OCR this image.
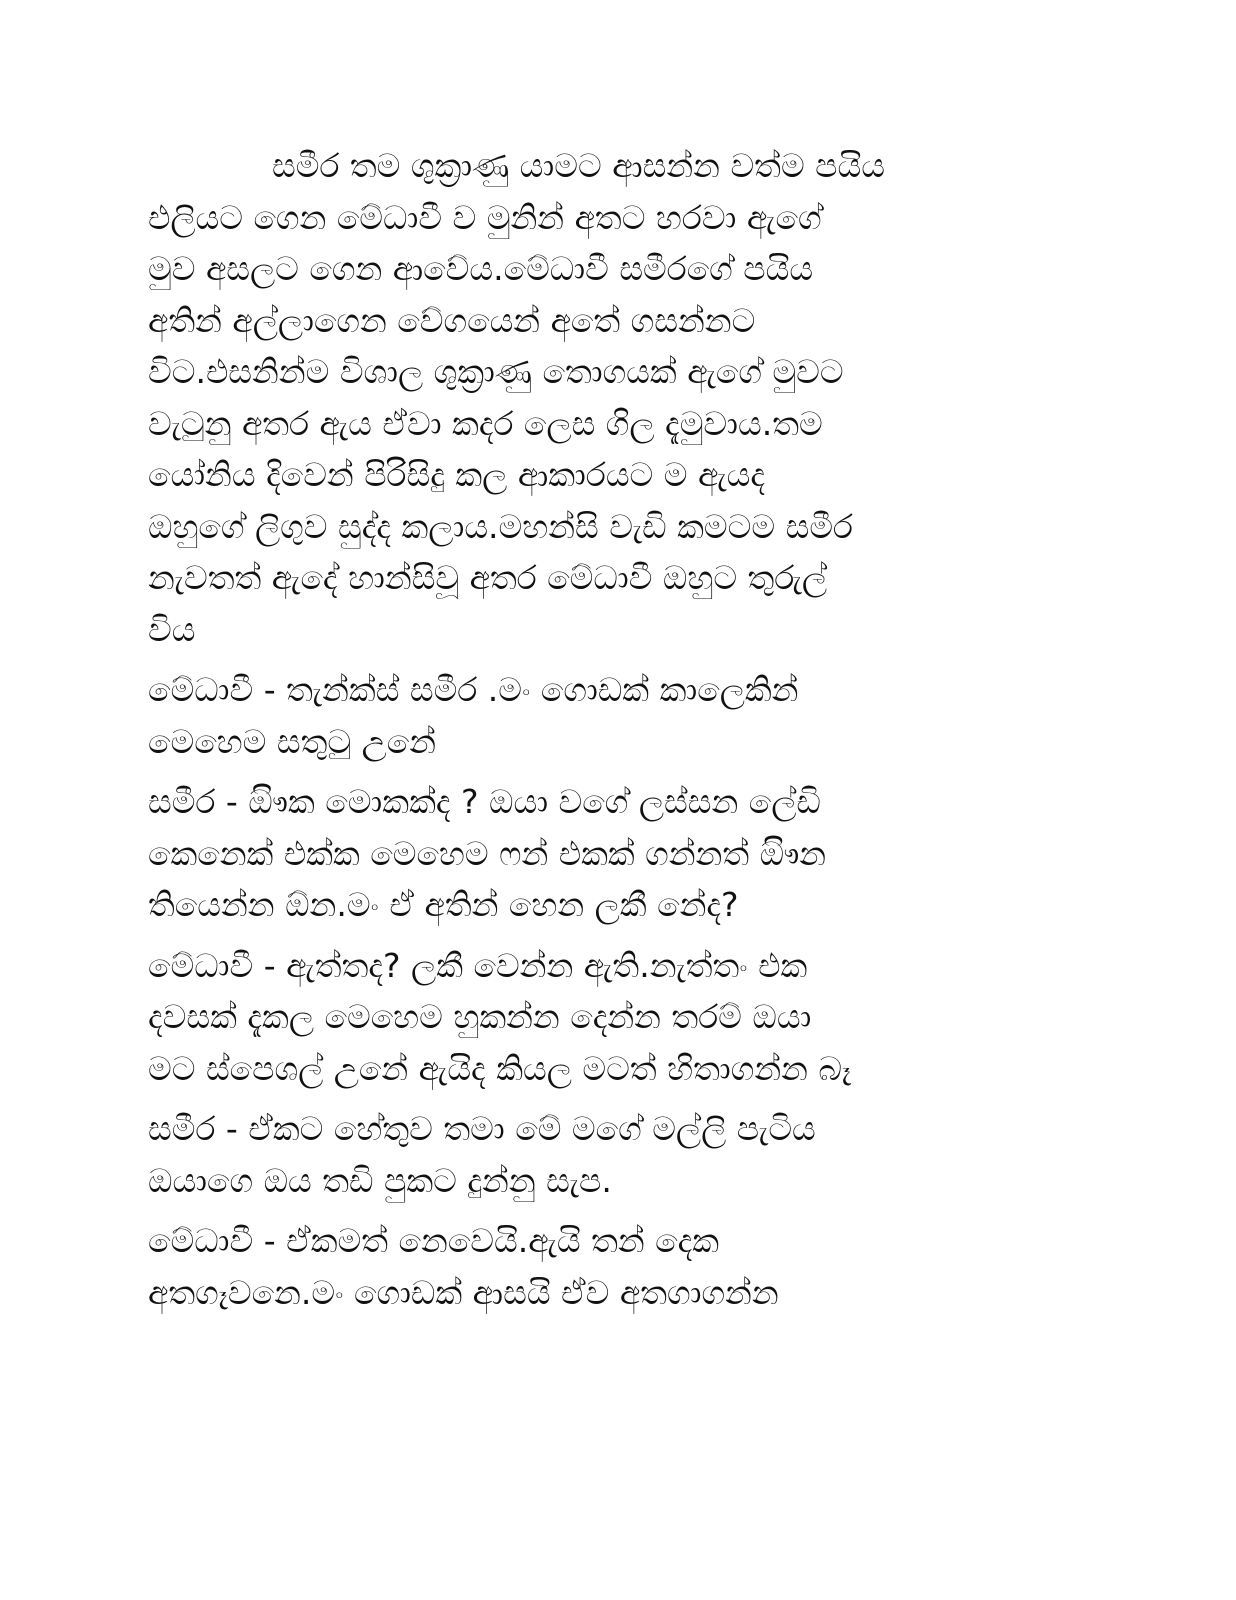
සමීර තම ශුක්‍රාණු යාමට ආසන්න වත්ම පයිය
එලියට ගෙන මේධාවී ව මුනින් අතට හරවා ඇගේ
මුව අසලට ගෙන ආවේය.මේධාවී සමීරගේ පයිය
අතින් අල්ලාගෙන වේගයෙන් අතේ ගසන්නට
විට.එසනින්ම විශාල ශුක්‍රාණු තොගයක් ඇගේ මුවට
වැටුනු අතර ඇය ඒවා කදර ලෙස ගිල දැමුවාය.තම
යෝනිය දිවෙන් පිරිසිදු කල ආකාරයට ම ඇයද
ඔහුගේ ලිගුව සුද්ද කලාය.මහන්සි වැඩි කමටම සමීර
නැවතත් ඇදේ හාන්සිවූ අතර මේධාවී ඔහුට තුරුල්
විය

මේධාවී - තැන්ක්ස් සමීර .මං ගොඩක් කාලෙකින්
මෙහෙම සතුටු උනේ

සමීර - ඔිෟක මොකක්ද ? ඔයා වගේ ලස්සන ලේඩි
කෙනෙක් එක්ක මෙහෙම ෆන් එකක් ගන්නත් ඔිෟන
තියෙන්න ඕන.මං ඒ අතින් හෙන ලකී නේද?

මේධාවී - ඇත්තද? ලකී වෙන්න ඇති.නැත්තං එක
දවසක් දැකල මෙහෙම හුකන්න දෙන්න තරම් ඔයා
මට ස්පෙශල් උනේ ඇයිද කියල මටත් හිතාගන්න බෑ

සමීර - ඒකට හේතුව තමා මේ මගේ මල්ලි පැටිය
ඔයාගෙ ඔය තඩි පුකට දුන්නු සැප.

මේධාවී - ඒකමත් නෙවෙයි.ඇයි තන් දෙක
අතගෑවනෙ.මං ගොඩක් ආසයි ඒව අතගාගන්න
